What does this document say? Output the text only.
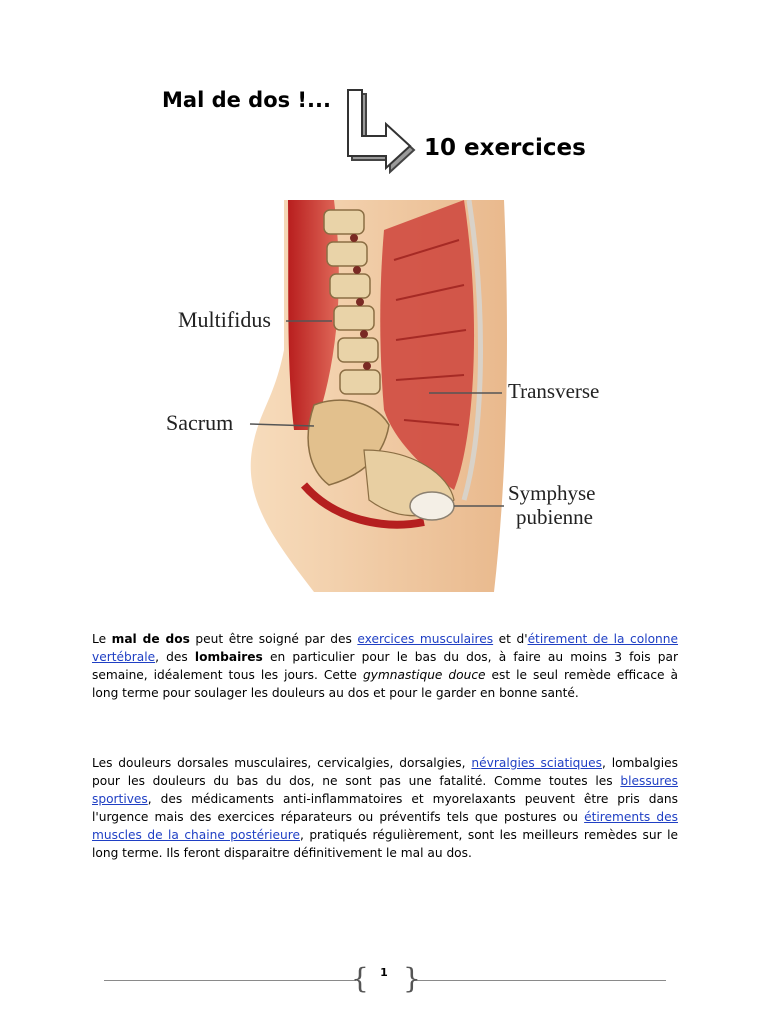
Mal de dos !...
10 exercices
Multifidus
Sacrum
Transverse
Symphyse
pubienne
Le mal de dos peut être soigné par des exercices musculaires et d'étirement de la colonne vertébrale, des lombaires en particulier pour le bas du dos, à faire au moins 3 fois par semaine, idéalement tous les jours. Cette gymnastique douce est le seul remède efficace à long terme pour soulager les douleurs au dos et pour le garder en bonne santé.
Les douleurs dorsales musculaires, cervicalgies, dorsalgies, névralgies sciatiques, lombalgies pour les douleurs du bas du dos, ne sont pas une fatalité. Comme toutes les blessures sportives, des médicaments anti-inflammatoires et myorelaxants peuvent être pris dans l'urgence mais des exercices réparateurs ou préventifs tels que postures ou étirements des muscles de la chaine postérieure, pratiqués régulièrement, sont les meilleurs remèdes sur le long terme. Ils feront disparaitre définitivement le mal au dos.
{ }
1
